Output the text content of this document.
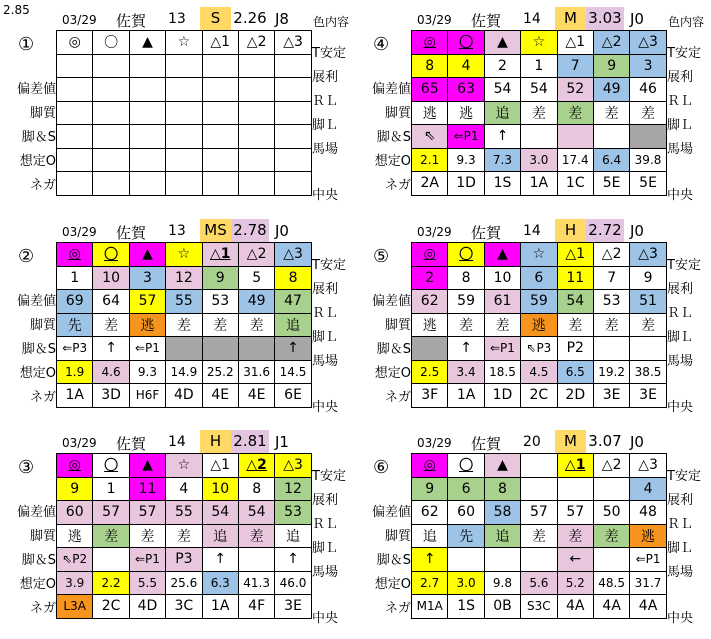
2.85
03/29 佐賀 13	S 2.26 J8 色内容
①
偏差値
脚質
脚＆S
想定O
ネガ
T安定
展利
ＲＬ
脚Ｌ
馬場
中央
◎	〇	▲	☆	△1	△2	△3

03/29 佐賀 14	M 3.03 J0 色内容
④
偏差値
脚質
脚＆S
想定O
ネガ
T安定
展利
ＲＬ
脚Ｌ
馬場
中央
◎	〇	▲	☆	△1	△2	△3
8	4	2	1	7	9	3
65	63	54	54	52	49	46
逃	逃	追	差	差	差	差
⇖	⇐P1	↑				
2.1	9.3	7.3	3.0	17.4	6.4	39.8
2A	1D	1S	1A	1C	5E	5E
03/29 佐賀 13 MS 2.78 J0
②
偏差値
脚質
脚＆S
想定O
ネガ
T安定
展利
ＲＬ
脚Ｌ
馬場
中央
◎	〇	▲	☆	△1	△2	△3
1	10	3	12	9	5	8
69	64	57	55	53	49	47
先	差	逃	差	差	差	追
⇐P3	↑	⇐P1				↑
1.9	4.6	9.3	14.9	25.2	31.6	14.5
1A	3D	H6F	4D	4E	4E	6E
03/29 佐賀 14	H 2.72 J0
⑤
偏差値
脚質
脚＆S
想定O
ネガ
T安定
展利
ＲＬ
脚Ｌ
馬場
中央
◎	〇	▲	☆	△1	△2	△3
2	8	10	6	11	7	9
62	59	61	59	54	53	51
逃	差	差	逃	差	差	差
	↑	⇐P1	⇖P3	P2		
2.5	3.4	18.5	4.5	6.5	19.2	38.5
3F	1A	1D	2C	2D	3E	3E
03/29 佐賀 14	H 2.81 J1
③
偏差値
脚質
脚＆S
想定O
ネガ
T安定
展利
ＲＬ
脚Ｌ
馬場
中央
◎	〇	▲	☆	△1	△2	△3
9	1	11	4	10	8	12
60	57	57	55	54	54	53
逃	差	差	差	追	差	追
⇖P2		⇐P1	P3	↑		↑
3.9	2.2	5.5	25.6	6.3	41.3	46.0
L3A	2C	4D	3C	1A	4F	3E
03/29 佐賀 20	M 3.07 J0
⑥
偏差値
脚質
脚＆S
想定O
ネガ
T安定
展利
ＲＬ
脚Ｌ
馬場
中央
◎	〇	▲		△1	△2	△3
9	6	8				4
62	60	58	57	57	50	48
追	先	追	差	差	差	逃
↑				←		⇐P1
2.7	3.0	9.8	5.6	5.2	48.5	31.7
M1A	1S	0B	S3C	4A	4A	4A
